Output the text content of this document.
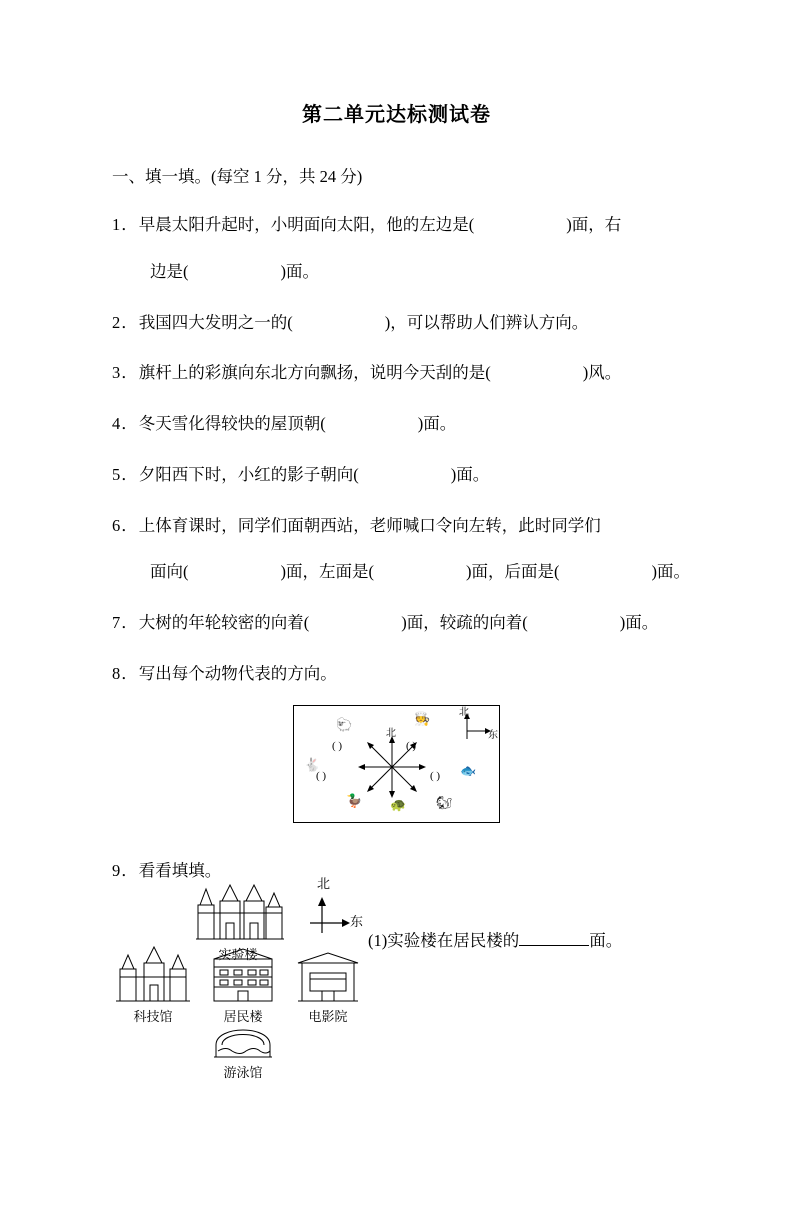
第二单元达标测试卷
一、填一填。(每空 1 分，共 24 分)
1．早晨太阳升起时，小明面向太阳，他的左边是(	)面，右
边是(	)面。
2．我国四大发明之一的(	)，可以帮助人们辨认方向。
3．旗杆上的彩旗向东北方向飘扬，说明今天刮的是(	)风。
4．冬天雪化得较快的屋顶朝(	)面。
5．夕阳西下时，小红的影子朝向(	)面。
6．上体育课时，同学们面朝西站，老师喊口令向左转，此时同学们
面向(	)面，左面是(	)面，后面是(	)面。
7．大树的年轮较密的向着(	)面，较疏的向着(	)面。
8．写出每个动物代表的方向。
北
东
北
🐑	🧑‍🍳
🐇	🐟
🦆 🐢 🐿
( )	( )
( )	( )
9．看看填填。
北
东
(1)实验楼在居民楼的	面。
实验楼
科技馆	居民楼	电影院
游泳馆
